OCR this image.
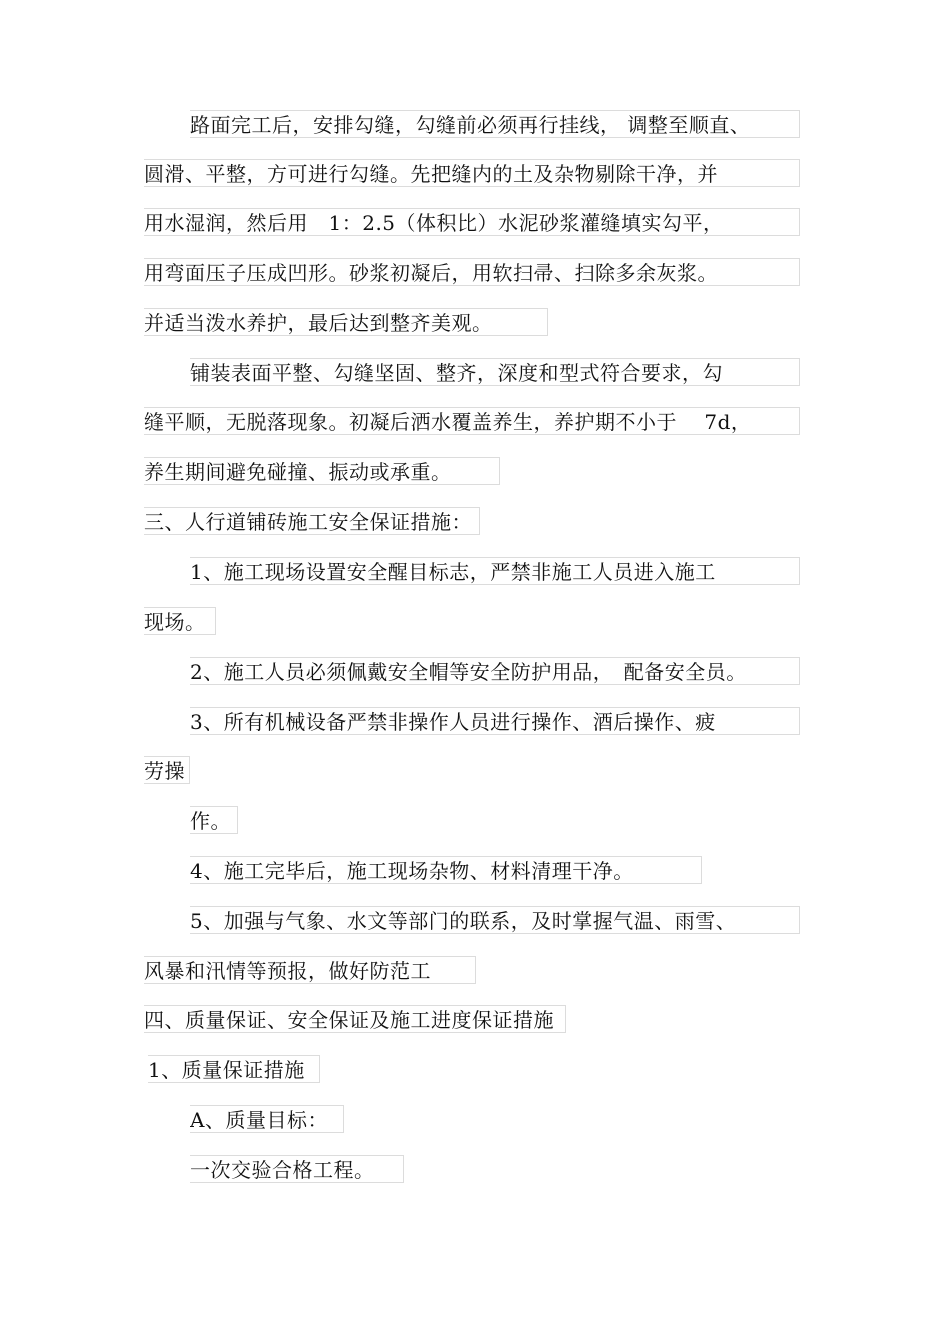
路面完工后，安排勾缝，勾缝前必须再行挂线， 调整至顺直、
圆滑、平整，方可进行勾缝。先把缝内的土及杂物剔除干净，并
用水湿润，然后用　1：2.5（体积比）水泥砂浆灌缝填实勾平，
用弯面压子压成凹形。砂浆初凝后，用软扫帚、扫除多余灰浆。
并适当泼水养护，最后达到整齐美观。
铺装表面平整、勾缝坚固、整齐，深度和型式符合要求，勾
缝平顺，无脱落现象。初凝后洒水覆盖养生，养护期不小于　 7d，
养生期间避免碰撞、振动或承重。
三、人行道铺砖施工安全保证措施：
1、施工现场设置安全醒目标志，严禁非施工人员进入施工
现场。
2、施工人员必须佩戴安全帽等安全防护用品，　配备安全员。
3、所有机械设备严禁非操作人员进行操作、酒后操作、疲
劳操
作。
4、施工完毕后，施工现场杂物、材料清理干净。
5、加强与气象、水文等部门的联系，及时掌握气温、雨雪、
风暴和汛情等预报，做好防范工
四、质量保证、安全保证及施工进度保证措施
1、质量保证措施
A、质量目标：
一次交验合格工程。
